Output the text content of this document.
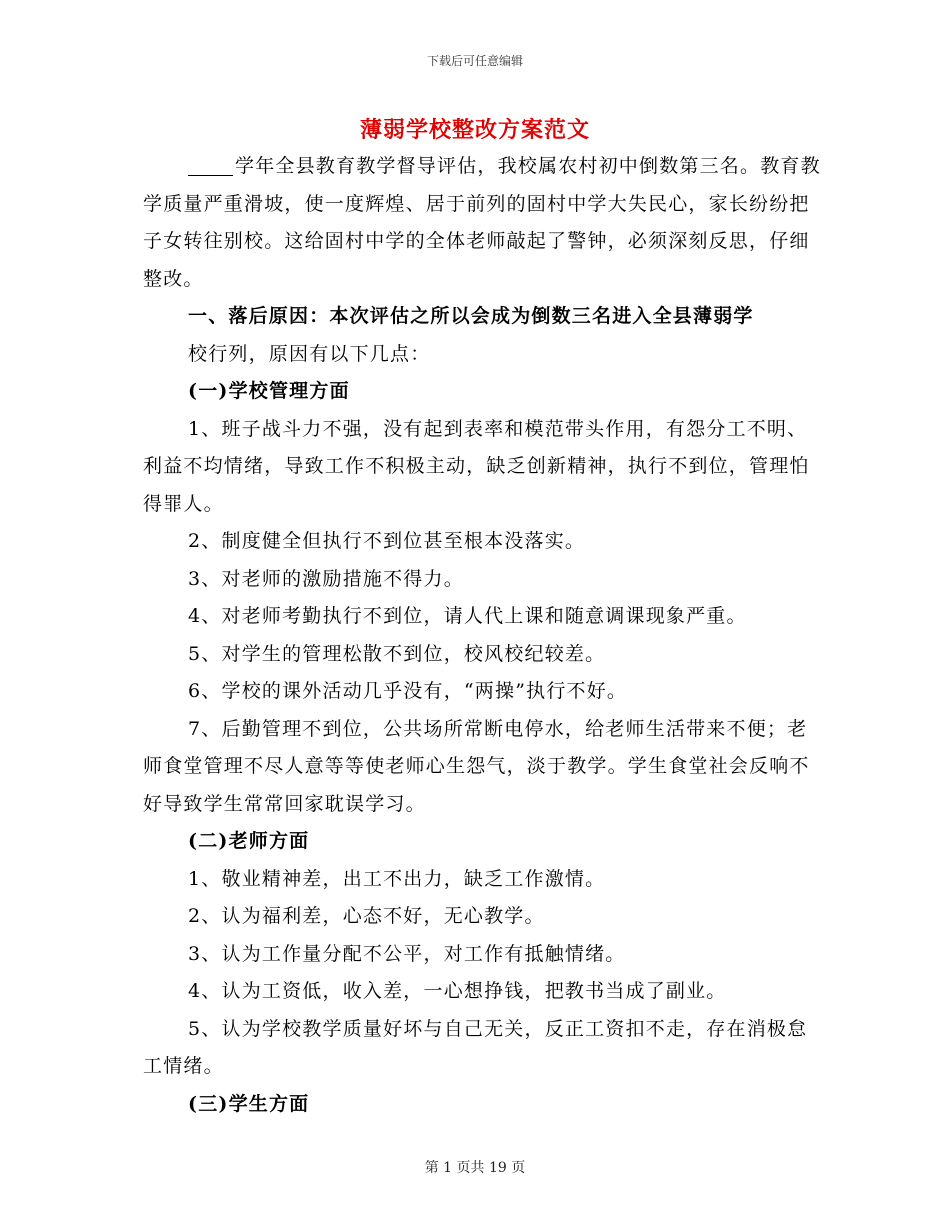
下载后可任意编辑
薄弱学校整改方案范文

学年全县教育教学督导评估，我校属农村初中倒数第三名。教育教学质量严重滑坡，使一度辉煌、居于前列的固村中学大失民心，家长纷纷把子女转往别校。这给固村中学的全体老师敲起了警钟，必须深刻反思，仔细整改。

一、落后原因：本次评估之所以会成为倒数三名进入全县薄弱学

校行列，原因有以下几点：

(一)学校管理方面

1、班子战斗力不强，没有起到表率和模范带头作用，有怨分工不明、利益不均情绪，导致工作不积极主动，缺乏创新精神，执行不到位，管理怕得罪人。

2、制度健全但执行不到位甚至根本没落实。

3、对老师的激励措施不得力。

4、对老师考勤执行不到位，请人代上课和随意调课现象严重。

5、对学生的管理松散不到位，校风校纪较差。

6、学校的课外活动几乎没有，“两操”执行不好。

7、后勤管理不到位，公共场所常断电停水，给老师生活带来不便；老师食堂管理不尽人意等等使老师心生怨气，淡于教学。学生食堂社会反响不好导致学生常常回家耽误学习。

(二)老师方面

1、敬业精神差，出工不出力，缺乏工作激情。

2、认为福利差，心态不好，无心教学。

3、认为工作量分配不公平，对工作有抵触情绪。

4、认为工资低，收入差，一心想挣钱，把教书当成了副业。

5、认为学校教学质量好坏与自己无关，反正工资扣不走，存在消极怠工情绪。

(三)学生方面

第 1 页共 19 页
